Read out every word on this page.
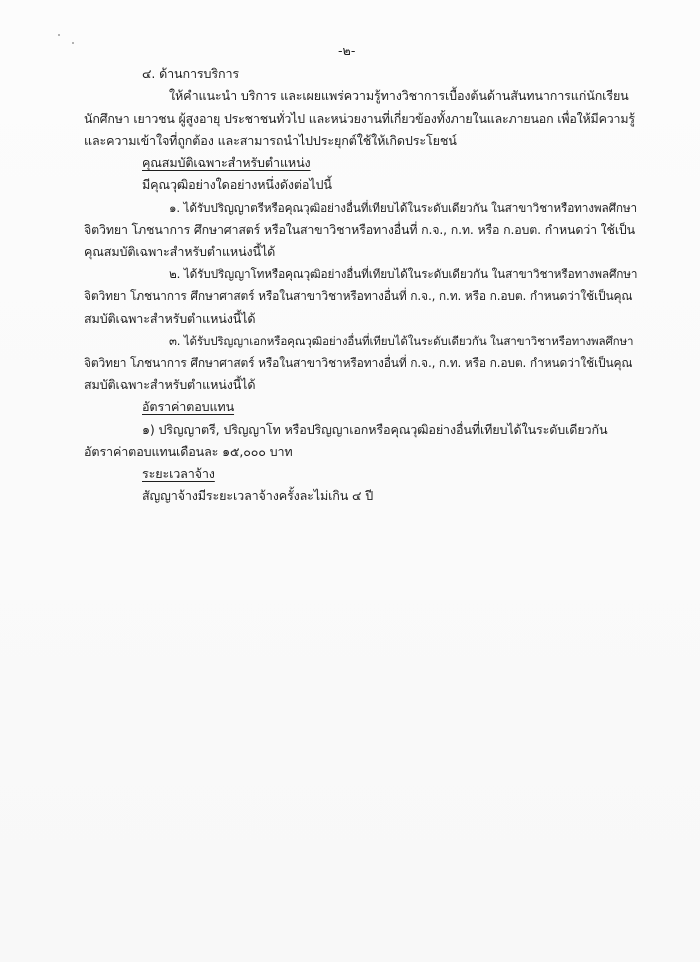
-๒-
๔. ด้านการบริการ
ให้คำแนะนำ บริการ และเผยแพร่ความรู้ทางวิชาการเบื้องต้นด้านสันทนาการแก่นักเรียน
นักศึกษา เยาวชน ผู้สูงอายุ ประชาชนทั่วไป และหน่วยงานที่เกี่ยวข้องทั้งภายในและภายนอก เพื่อให้มีความรู้
และความเข้าใจที่ถูกต้อง และสามารถนำไปประยุกต์ใช้ให้เกิดประโยชน์
คุณสมบัติเฉพาะสำหรับตำแหน่ง
มีคุณวุฒิอย่างใดอย่างหนึ่งดังต่อไปนี้
๑. ได้รับปริญญาตรีหรือคุณวุฒิอย่างอื่นที่เทียบได้ในระดับเดียวกัน ในสาขาวิชาหรือทางพลศึกษา
จิตวิทยา โภชนาการ ศึกษาศาสตร์ หรือในสาขาวิชาหรือทางอื่นที่ ก.จ., ก.ท. หรือ ก.อบต. กำหนดว่า ใช้เป็น
คุณสมบัติเฉพาะสำหรับตำแหน่งนี้ได้
๒. ได้รับปริญญาโทหรือคุณวุฒิอย่างอื่นที่เทียบได้ในระดับเดียวกัน ในสาขาวิชาหรือทางพลศึกษา
จิตวิทยา โภชนาการ ศึกษาศาสตร์ หรือในสาขาวิชาหรือทางอื่นที่ ก.จ., ก.ท. หรือ ก.อบต. กำหนดว่าใช้เป็นคุณ
สมบัติเฉพาะสำหรับตำแหน่งนี้ได้
๓. ได้รับปริญญาเอกหรือคุณวุฒิอย่างอื่นที่เทียบได้ในระดับเดียวกัน ในสาขาวิชาหรือทางพลศึกษา
จิตวิทยา โภชนาการ ศึกษาศาสตร์ หรือในสาขาวิชาหรือทางอื่นที่ ก.จ., ก.ท. หรือ ก.อบต. กำหนดว่าใช้เป็นคุณ
สมบัติเฉพาะสำหรับตำแหน่งนี้ได้
อัตราค่าตอบแทน
๑) ปริญญาตรี, ปริญญาโท หรือปริญญาเอกหรือคุณวุฒิอย่างอื่นที่เทียบได้ในระดับเดียวกัน
อัตราค่าตอบแทนเดือนละ ๑๕,๐๐๐ บาท
ระยะเวลาจ้าง
สัญญาจ้างมีระยะเวลาจ้างครั้งละไม่เกิน ๔ ปี
